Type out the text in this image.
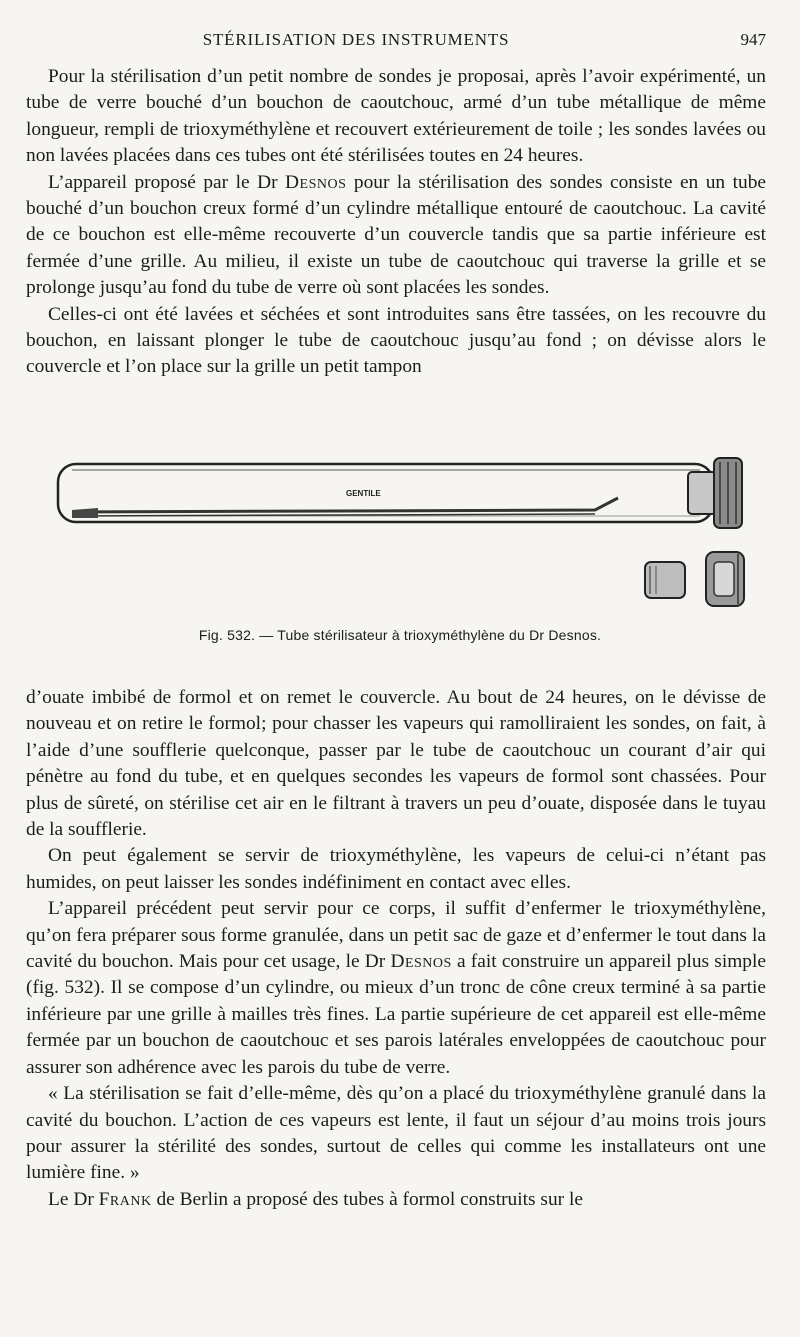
STÉRILISATION DES INSTRUMENTS	947

Pour la stérilisation d’un petit nombre de sondes je proposai, après l’avoir expérimenté, un tube de verre bouché d’un bouchon de caoutchouc, armé d’un tube métallique de même longueur, rempli de trioxyméthylène et recouvert extérieurement de toile ; les sondes lavées ou non lavées placées dans ces tubes ont été stérilisées toutes en 24 heures.

L’appareil proposé par le Dr Desnos pour la stérilisation des sondes consiste en un tube bouché d’un bouchon creux formé d’un cylindre métallique entouré de caoutchouc. La cavité de ce bouchon est elle-même recouverte d’un couvercle tandis que sa partie inférieure est fermée d’une grille. Au milieu, il existe un tube de caoutchouc qui traverse la grille et se prolonge jusqu’au fond du tube de verre où sont placées les sondes.

Celles-ci ont été lavées et séchées et sont introduites sans être tassées, on les recouvre du bouchon, en laissant plonger le tube de caoutchouc jusqu’au fond ; on dévisse alors le couvercle et l’on place sur la grille un petit tampon

GENTILE
Fig. 532. — Tube stérilisateur à trioxyméthylène du Dr Desnos.

d’ouate imbibé de formol et on remet le couvercle. Au bout de 24 heures, on le dévisse de nouveau et on retire le formol; pour chasser les vapeurs qui ramolliraient les sondes, on fait, à l’aide d’une soufflerie quelconque, passer par le tube de caoutchouc un courant d’air qui pénètre au fond du tube, et en quelques secondes les vapeurs de formol sont chassées. Pour plus de sûreté, on stérilise cet air en le filtrant à travers un peu d’ouate, disposée dans le tuyau de la soufflerie.

On peut également se servir de trioxyméthylène, les vapeurs de celui-ci n’étant pas humides, on peut laisser les sondes indéfiniment en contact avec elles.

L’appareil précédent peut servir pour ce corps, il suffit d’enfermer le trioxyméthylène, qu’on fera préparer sous forme granulée, dans un petit sac de gaze et d’enfermer le tout dans la cavité du bouchon. Mais pour cet usage, le Dr Desnos a fait construire un appareil plus simple (fig. 532). Il se compose d’un cylindre, ou mieux d’un tronc de cône creux terminé à sa partie inférieure par une grille à mailles très fines. La partie supérieure de cet appareil est elle-même fermée par un bouchon de caoutchouc et ses parois latérales enveloppées de caoutchouc pour assurer son adhérence avec les parois du tube de verre.

« La stérilisation se fait d’elle-même, dès qu’on a placé du trioxyméthylène granulé dans la cavité du bouchon. L’action de ces vapeurs est lente, il faut un séjour d’au moins trois jours pour assurer la stérilité des sondes, surtout de celles qui comme les installateurs ont une lumière fine. »

Le Dr Frank de Berlin a proposé des tubes à formol construits sur le
